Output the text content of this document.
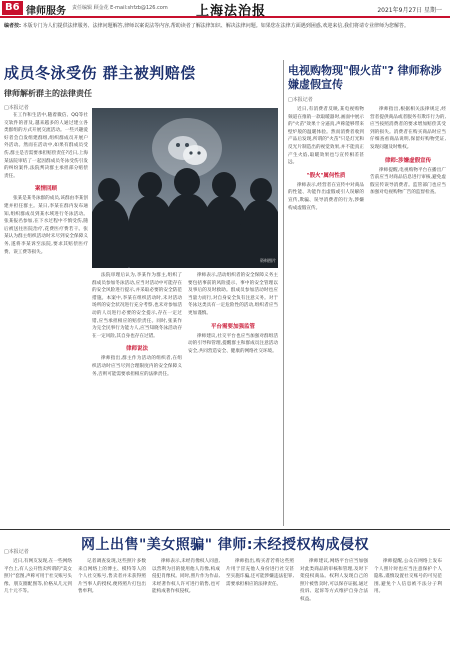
B6 律师服务 责任编辑 顾金花 E-mail:shfzb@126.com 上海法治报	2021年9月27日 星期一
编者按: 本版专门为人们提供法律服务、法律问题解答,律师以案说法等内容,帮助读者了解法律知识、解决法律问题。如果您在法律方面遇到困惑,欢迎来信,我们将请专业律师为您解答。
成员冬泳受伤 群主被判赔偿
律师解析群主的法律责任
□本报记者

在工作和生活中,随着微信、QQ等社交软件的普及,越来越多的人通过建立各类群组的方式开展交流活动。一些兴趣爱好者会自发组建群组,组织群成员开展户外活动。然而在活动中,如果有群成员受伤,群主是否需要承担赔偿责任?近日,上海某法院审结了一起因群成员冬泳受伤引发的纠纷案件,法院判决群主承担部分赔偿责任。

案情回顾

张某是某冬泳群的成员,该群由李某创建并担任群主。某日,李某在群内发布通知,组织群成员到某水域进行冬泳活动。张某报名参加,在下水过程中不慎受伤,随后被送往医院治疗,花费医疗费若干。张某认为群主组织活动时未尽到安全保障义务,遂将李某诉至法院,要求其赔偿医疗费、误工费等损失。

资料图片

法院审理后认为,李某作为群主,组织了群成员参加冬泳活动,应当对活动中可能存在的安全风险进行提示,并采取必要的安全防范措施。本案中,李某在组织活动时,未对活动场所的安全状况进行充分考察,也未对参加活动的人员进行必要的安全提示,存在一定过错,应当承担相应的赔偿责任。同时,张某作为完全民事行为能力人,应当知晓冬泳活动存在一定风险,其自身也存在过错。

律师说法

律师指出,群主作为活动的组织者,在组织活动时应当尽到合理限度内的安全保障义务,否则可能需要承担相应的法律责任。

律师表示,活动组织者的安全保障义务主要包括事前的风险提示、事中的安全管理以及事后的及时救助。群成员参加活动时也应当量力而行,对自身安全负有注意义务。对于冬泳这类具有一定危险性的活动,组织者应当更加谨慎。

平台需要加强监管

律师建议,社交平台也应当加强对群组活动的引导和管理,提醒群主和群成员注意活动安全,共同营造安全、健康的网络社交环境。

电视购物现"假火苗"? 律师称涉嫌虚假宣传
□本报记者

近日,有消费者反映,某电视购物频道在推销一款取暖器时,画面中展示的"火苗"效果十分逼真,声称能够带来壁炉般的温暖体验。然而消费者收到产品后发现,所谓的"火苗"只是灯光和反光片制造出的视觉效果,并不能真正产生火焰,取暖效果也与宣传相差甚远。

"假火"属何性质

律师表示,经营者在宣传中对商品的性能、功能作出虚假或引人误解的宣传,欺骗、误导消费者的行为,涉嫌构成虚假宣传。

律师指出,根据相关法律规定,经营者提供商品或者服务有欺诈行为的,应当按照消费者的要求增加赔偿其受到的损失。消费者在购买商品时应当仔细查看商品说明,保留好购物凭证,发现问题及时维权。

律师:涉嫌虚假宣传

律师提醒,电视购物平台在播出广告前应当对商品信息进行审核,避免虚假宣传误导消费者。监管部门也应当加强对电视购物广告的监督检查。

网上出售"美女照骗" 律师:未经授权构成侵权
□本报记者

近日,有网友发现,在一些网络平台上,有人公开售卖所谓的"美女照片"套图,声称可用于社交账号头像、朋友圈配图等,价格从几元到几十元不等。

记者调查发现,这些照片多数来自网络上的博主、模特等人的个人社交账号,售卖者并未获得照片当事人的授权,便将照片打包出售牟利。

律师表示,未经肖像权人同意,以营利为目的使用他人肖像,构成侵犯肖像权。同时,照片作为作品,未经著作权人许可进行销售,也可能构成著作权侵权。

律师指出,购买者若将这些照片用于冒充他人身份进行社交甚至实施诈骗,还可能涉嫌违法犯罪,需要承担相应的法律责任。

律师建议,网络平台应当加强对此类商品的审核和管理,及时下架侵权商品。权利人发现自己的照片被售卖时,可以保存证据,通过投诉、起诉等方式维护自身合法权益。

律师提醒,公众在网络上发布个人照片时也应当注意保护个人隐私,谨慎设置社交账号的可见范围,避免个人信息被不法分子利用。
